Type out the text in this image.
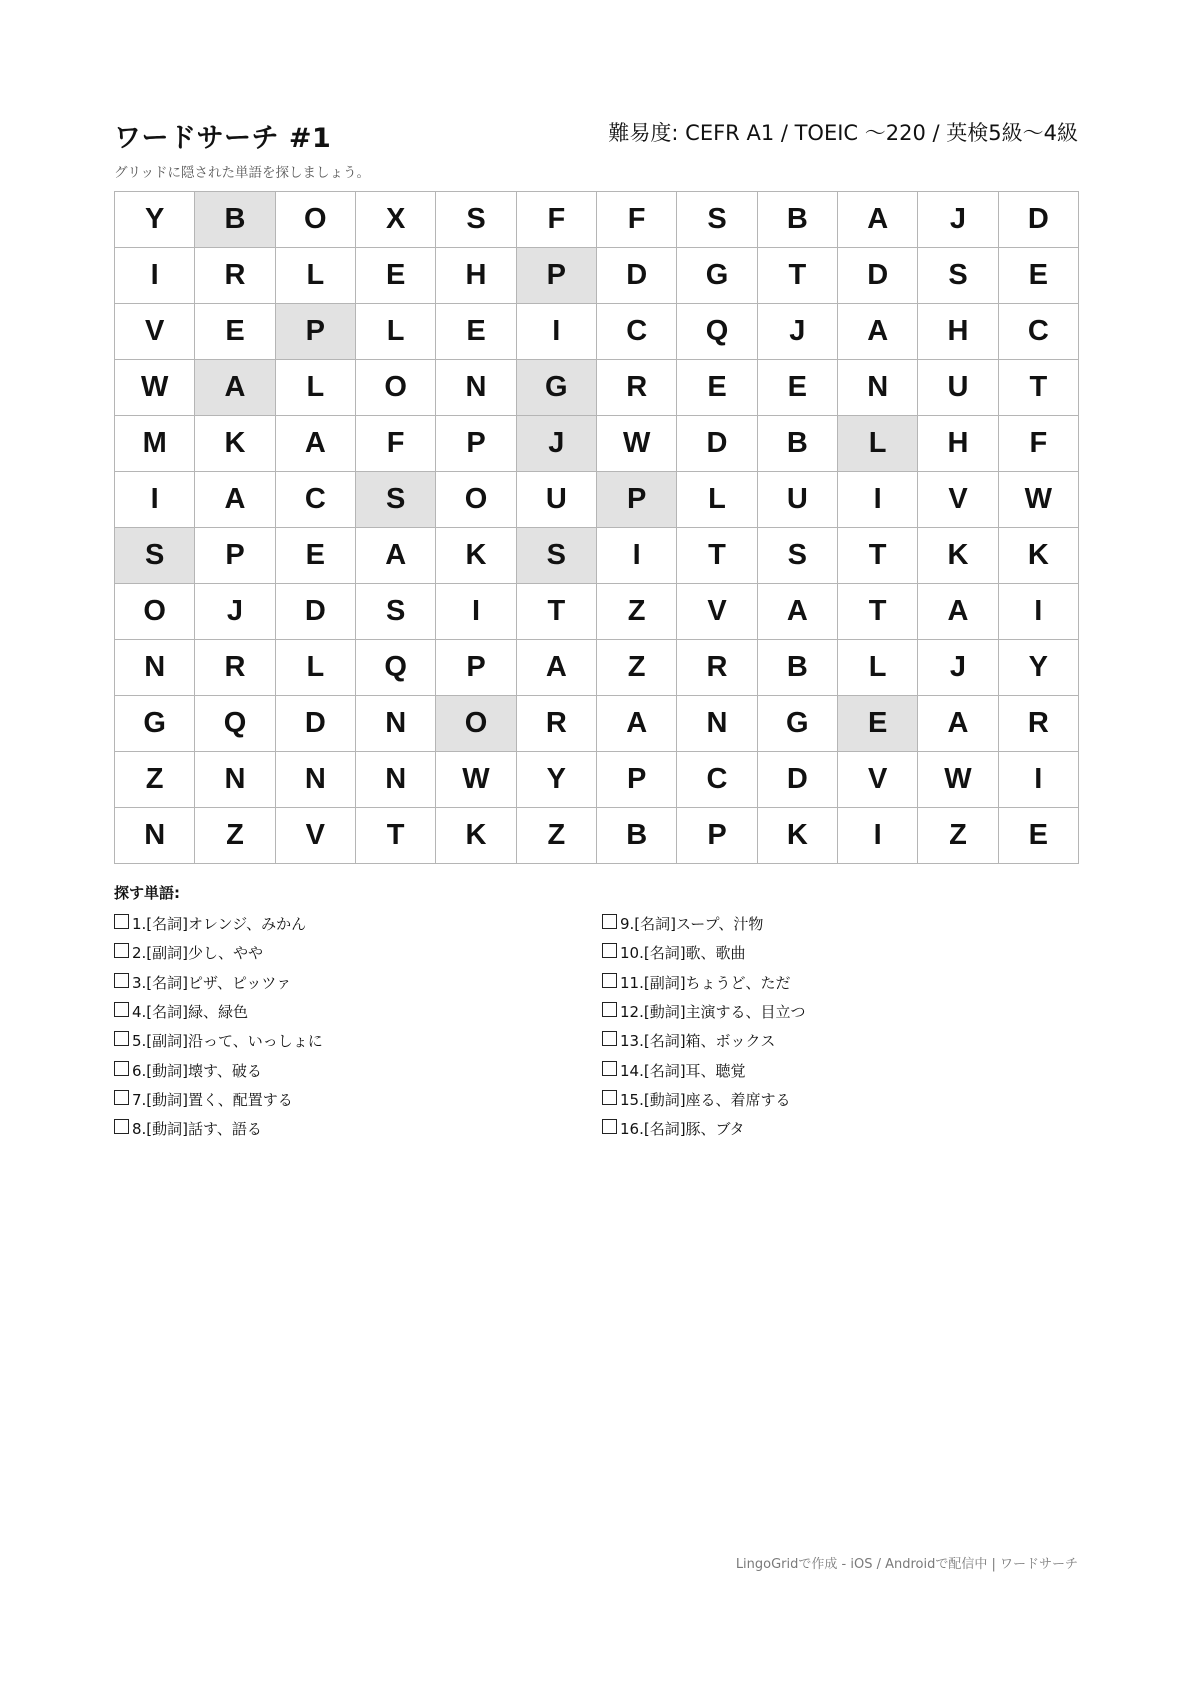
ワードサーチ #1	難易度: CEFR A1 / TOEIC 〜220 / 英検5級〜4級
グリッドに隠された単語を探しましょう。
Y	B	O	X	S	F	F	S	B	A	J	D
I	R	L	E	H	P	D	G	T	D	S	E
V	E	P	L	E	I	C	Q	J	A	H	C
W	A	L	O	N	G	R	E	E	N	U	T
M	K	A	F	P	J	W	D	B	L	H	F
I	A	C	S	O	U	P	L	U	I	V	W
S	P	E	A	K	S	I	T	S	T	K	K
O	J	D	S	I	T	Z	V	A	T	A	I
N	R	L	Q	P	A	Z	R	B	L	J	Y
G	Q	D	N	O	R	A	N	G	E	A	R
Z	N	N	N	W	Y	P	C	D	V	W	I
N	Z	V	T	K	Z	B	P	K	I	Z	E
探す単語:
1.[名詞]オレンジ、みかん
2.[副詞]少し、やや
3.[名詞]ピザ、ピッツァ
4.[名詞]緑、緑色
5.[副詞]沿って、いっしょに
6.[動詞]壊す、破る
7.[動詞]置く、配置する
8.[動詞]話す、語る
9.[名詞]スープ、汁物
10.[名詞]歌、歌曲
11.[副詞]ちょうど、ただ
12.[動詞]主演する、目立つ
13.[名詞]箱、ボックス
14.[名詞]耳、聴覚
15.[動詞]座る、着席する
16.[名詞]豚、ブタ
LingoGridで作成 - iOS / Androidで配信中 | ワードサーチ
